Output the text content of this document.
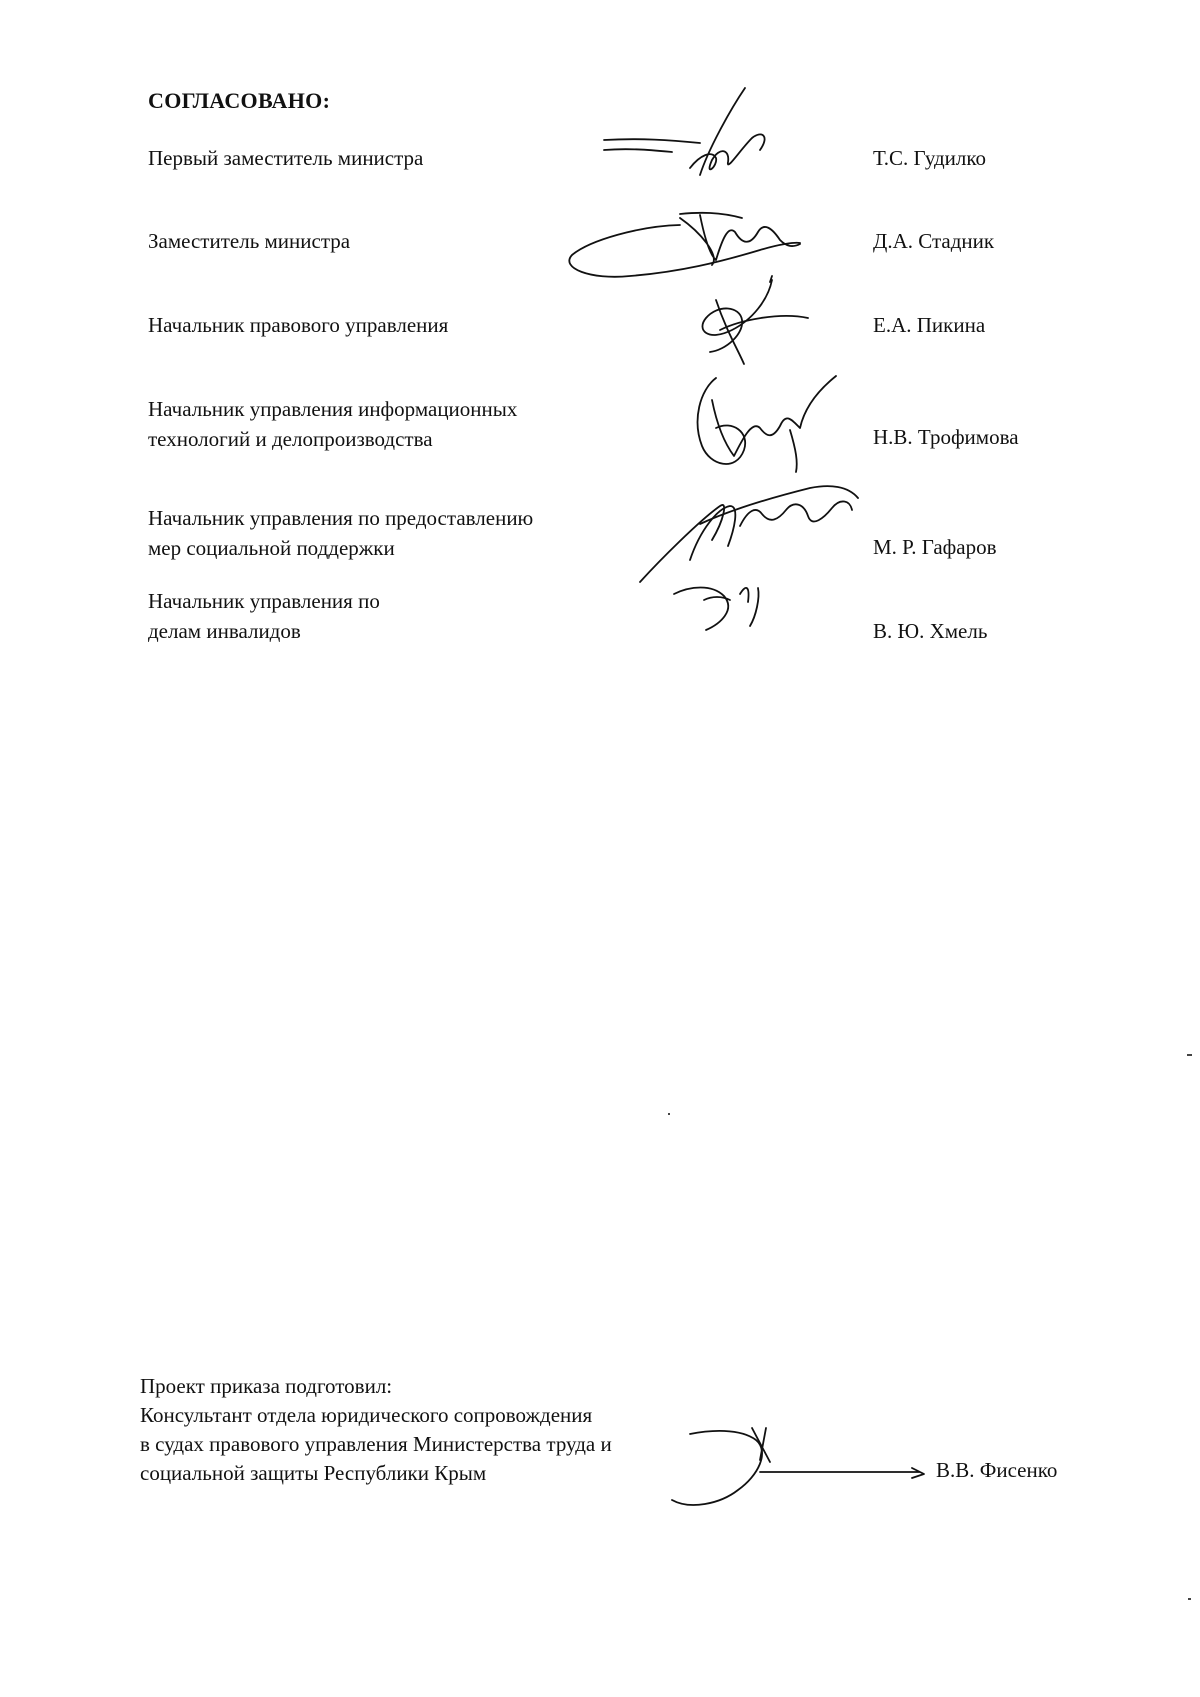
СОГЛАСОВАНО:
Первый заместитель министра	Т.С. Гудилко
Заместитель министра	Д.А. Стадник
Начальник правового управления	Е.А. Пикина
Начальник управления информационных
технологий и делопроизводства	Н.В. Трофимова
Начальник управления по предоставлению
мер социальной поддержки	М. Р. Гафаров
Начальник управления по
делам инвалидов	В. Ю. Хмель
Проект приказа подготовил:
Консультант отдела юридического сопровождения
в судах правового управления Министерства труда и
социальной защиты Республики Крым	В.В. Фисенко
